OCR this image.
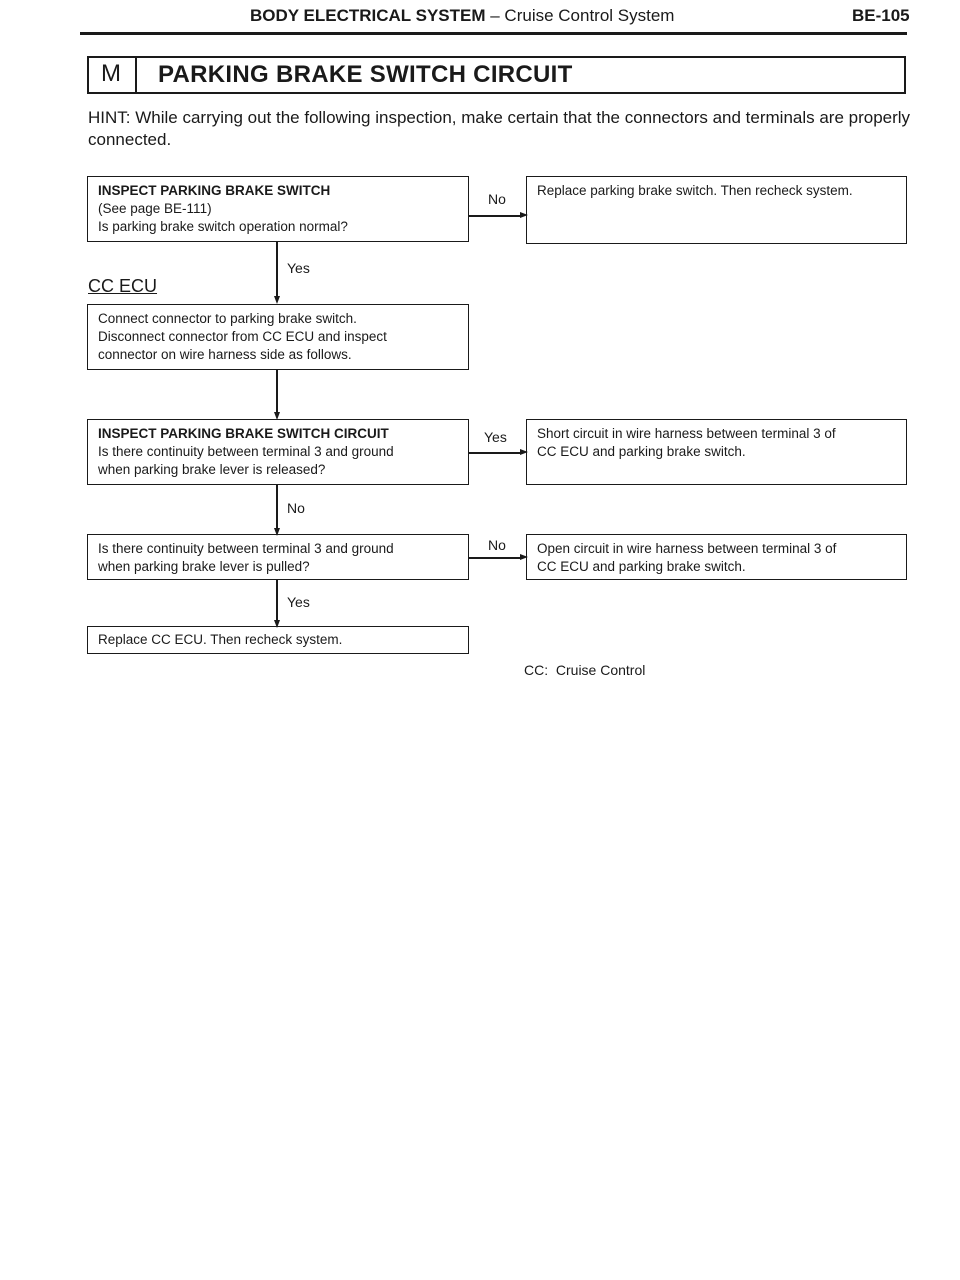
BODY ELECTRICAL SYSTEM – Cruise Control System	BE-105
M	PARKING BRAKE SWITCH CIRCUIT
HINT: While carrying out the following inspection, make certain that the connectors and terminals are properly connected.
CC ECU
INSPECT PARKING BRAKE SWITCH
(See page BE-111)
Is parking brake switch operation normal?
No
Replace parking brake switch. Then recheck system.
Yes
Connect connector to parking brake switch.
Disconnect connector from CC ECU and inspect
connector on wire harness side as follows.
INSPECT PARKING BRAKE SWITCH CIRCUIT
Is there continuity between terminal 3 and ground
when parking brake lever is released?
Yes Short circuit in wire harness between terminal 3 of
CC ECU and parking brake switch.
No
Is there continuity between terminal 3 and ground
when parking brake lever is pulled?
No Open circuit in wire harness between terminal 3 of
CC ECU and parking brake switch.
Yes
Replace CC ECU. Then recheck system.
CC:  Cruise Control
